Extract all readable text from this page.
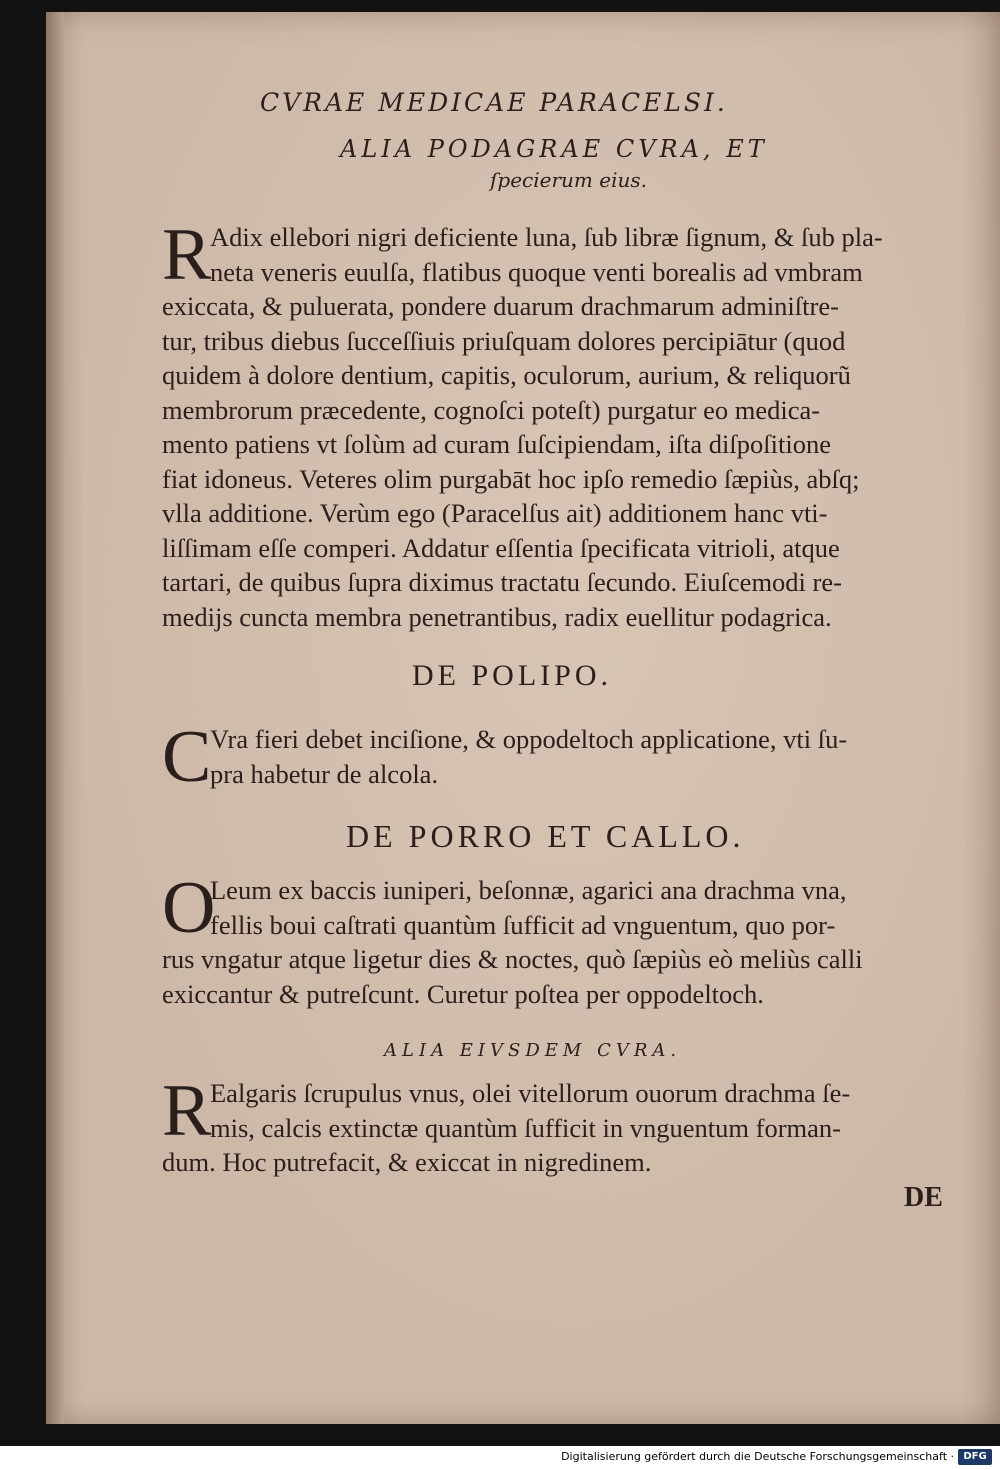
CVRAE MEDICAE PARACELSI.
ALIA PODAGRAE CVRA, ET
ſpecierum eius.
R
Adix ellebori nigri deficiente luna, ſub libræ ſignum, & ſub pla-
neta veneris euulſa, flatibus quoque venti borealis ad vmbram
exiccata, & puluerata, pondere duarum drachmarum adminiſtre-
tur, tribus diebus ſucceſſiuis priuſquam dolores percipiātur (quod
quidem à dolore dentium, capitis, oculorum, aurium, & reliquorũ
membrorum præcedente, cognoſci poteſt) purgatur eo medica-
mento patiens vt ſolùm ad curam ſuſcipiendam, iſta diſpoſitione
fiat idoneus. Veteres olim purgabāt hoc ipſo remedio ſæpiùs, abſq;
vlla additione. Verùm ego (Paracelſus ait) additionem hanc vti-
liſſimam eſſe comperi. Addatur eſſentia ſpecificata vitrioli, atque
tartari, de quibus ſupra diximus tractatu ſecundo. Eiuſcemodi re-
medijs cuncta membra penetrantibus, radix euellitur podagrica.
DE POLIPO.
C
Vra fieri debet inciſione, & oppodeltoch applicatione, vti ſu-
pra habetur de alcola.
DE PORRO ET CALLO.
O
Leum ex baccis iuniperi, beſonnæ, agarici ana drachma vna,
fellis boui caſtrati quantùm ſufficit ad vnguentum, quo por-
rus vngatur atque ligetur dies & noctes, quò ſæpiùs eò meliùs calli
exiccantur & putreſcunt. Curetur poſtea per oppodeltoch.
ALIA EIVSDEM CVRA.
R
Ealgaris ſcrupulus vnus, olei vitellorum ouorum drachma ſe-
mis, calcis extinctæ quantùm ſufficit in vnguentum forman-
dum. Hoc putrefacit, & exiccat in nigredinem.
DE
Digitalisierung gefördert durch die Deutsche Forschungsgemeinschaft · DFG
